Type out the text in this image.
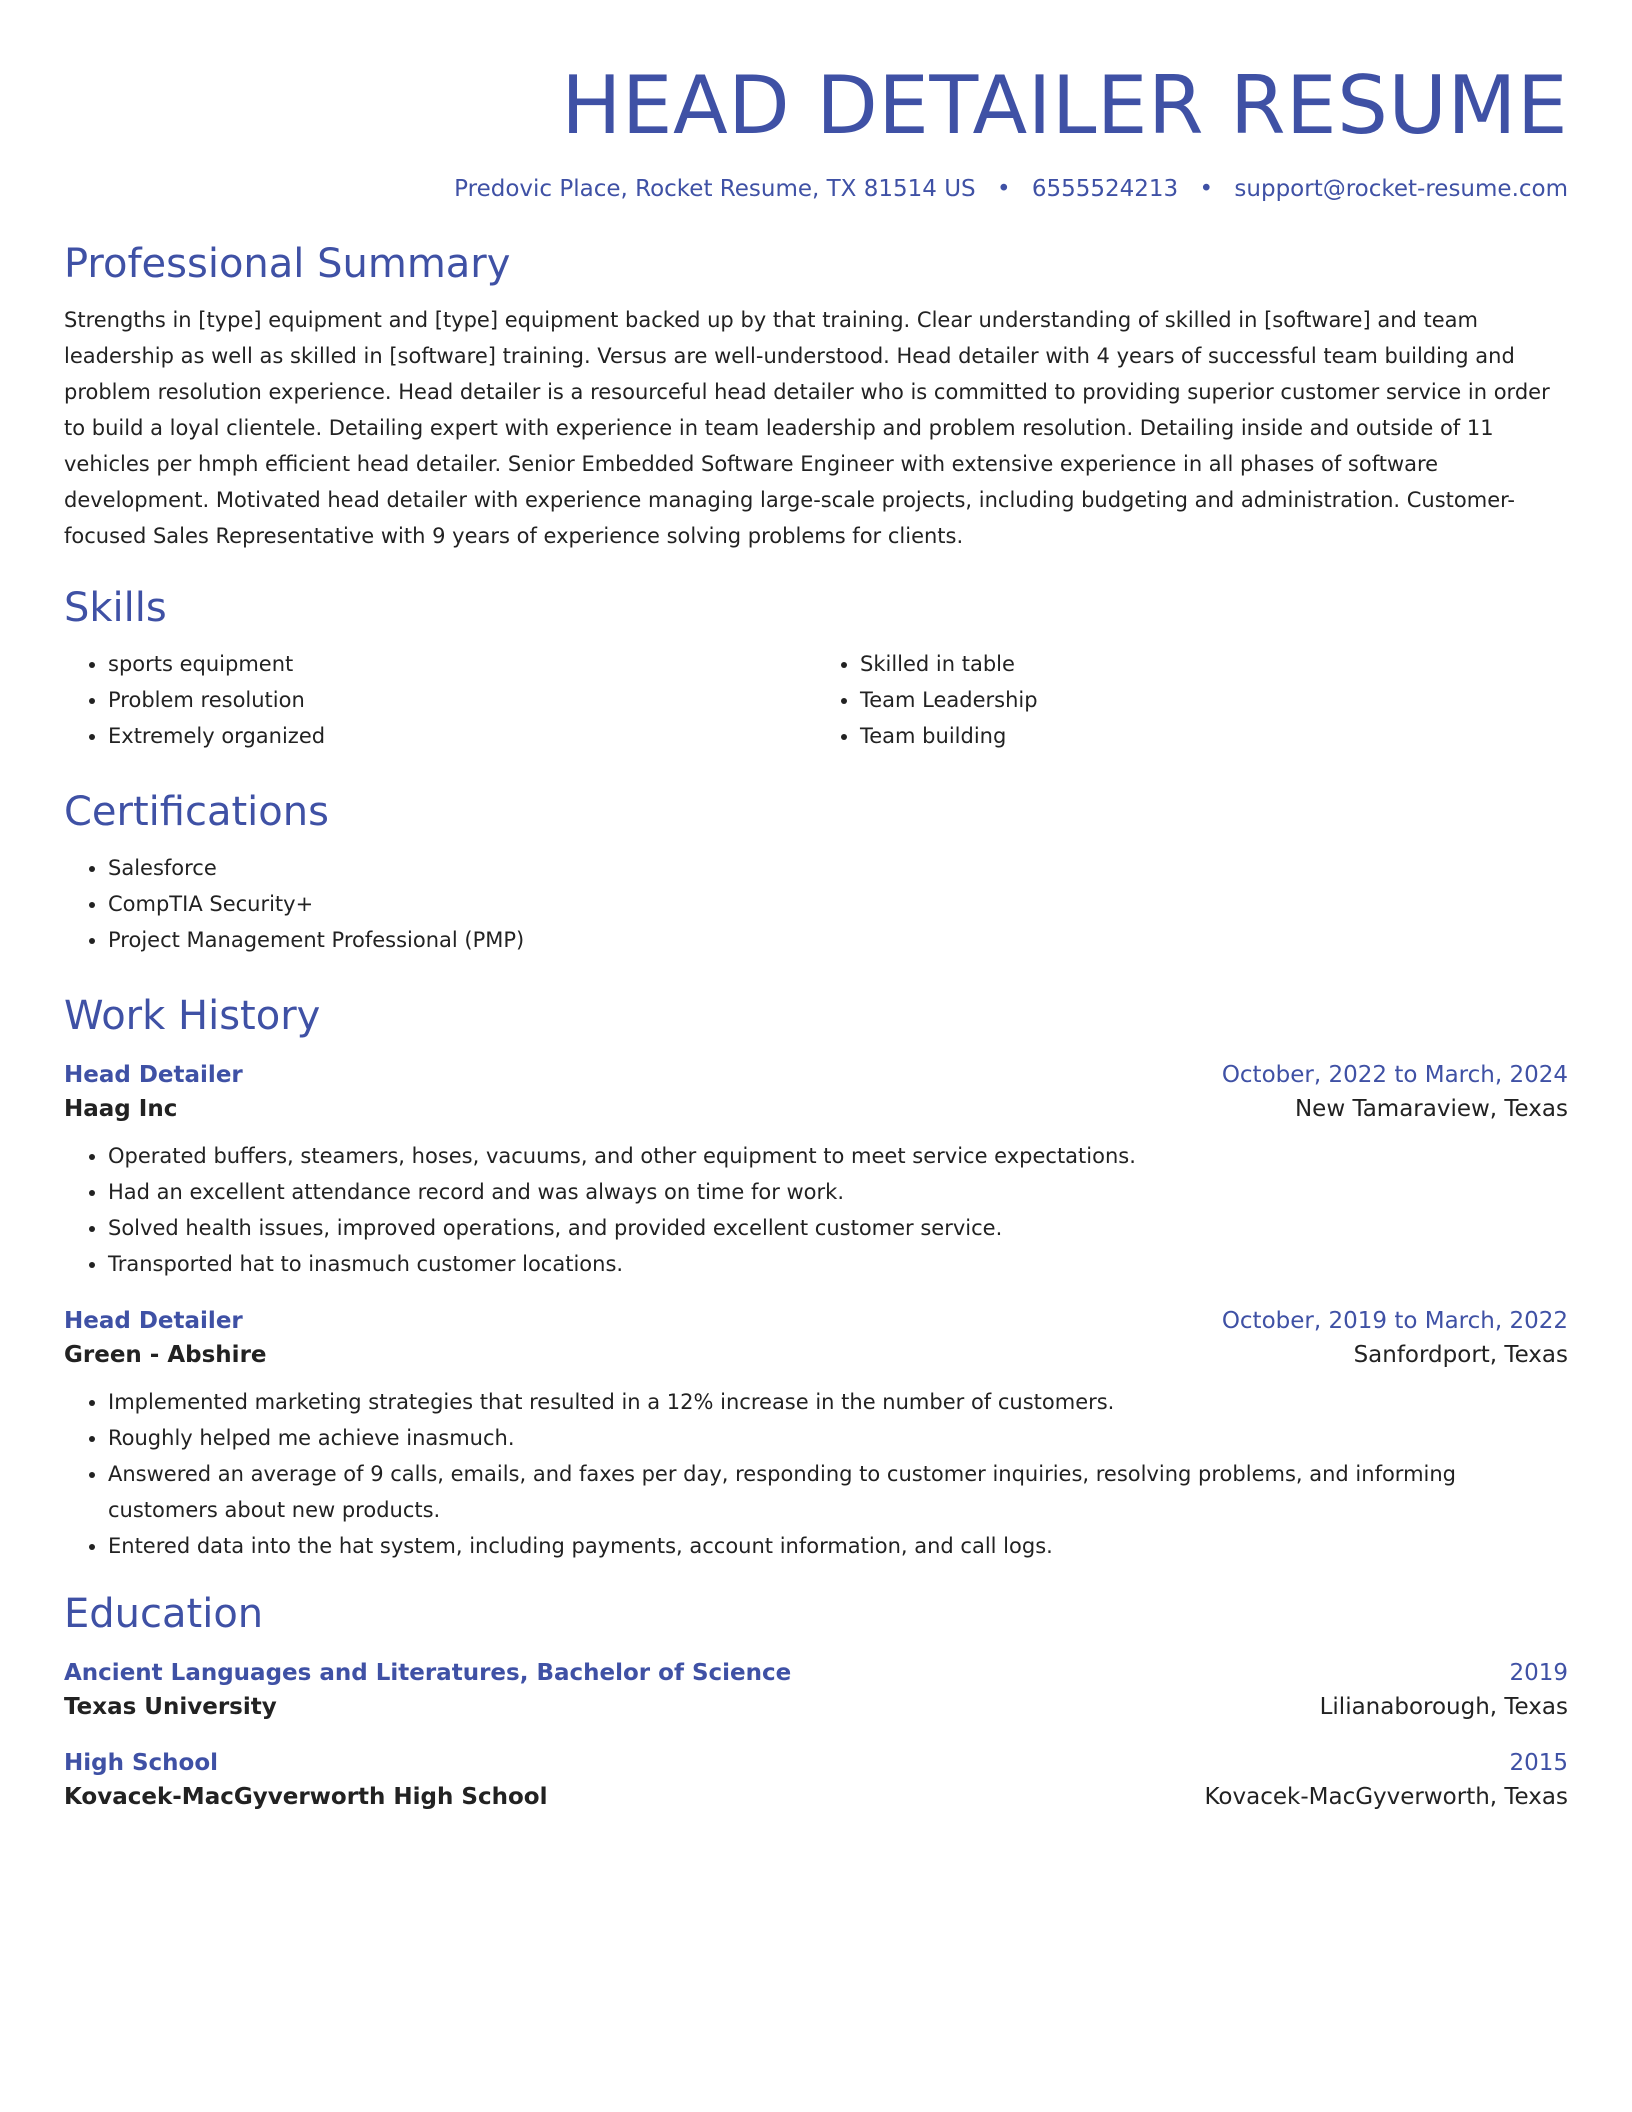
HEAD DETAILER RESUME
Predovic Place, Rocket Resume, TX 81514 US • 6555524213 • support@rocket-resume.com
Professional Summary
Strengths in [type] equipment and [type] equipment backed up by that training. Clear understanding of skilled in [software] and team leadership as well as skilled in [software] training. Versus are well-understood. Head detailer with 4 years of successful team building and problem resolution experience. Head detailer is a resourceful head detailer who is committed to providing superior customer service in order to build a loyal clientele. Detailing expert with experience in team leadership and problem resolution. Detailing inside and outside of 11 vehicles per hmph efficient head detailer. Senior Embedded Software Engineer with extensive experience in all phases of software development. Motivated head detailer with experience managing large-scale projects, including budgeting and administration. Customer-focused Sales Representative with 9 years of experience solving problems for clients.
Skills
• sports equipment
• Problem resolution
• Extremely organized
• Skilled in table
• Team Leadership
• Team building
Certifications
• Salesforce
• CompTIA Security+
• Project Management Professional (PMP)
Work History
Head Detailer	October, 2022 to March, 2024
Haag Inc	New Tamaraview, Texas
• Operated buffers, steamers, hoses, vacuums, and other equipment to meet service expectations.
• Had an excellent attendance record and was always on time for work.
• Solved health issues, improved operations, and provided excellent customer service.
• Transported hat to inasmuch customer locations.
Head Detailer	October, 2019 to March, 2022
Green - Abshire	Sanfordport, Texas
• Implemented marketing strategies that resulted in a 12% increase in the number of customers.
• Roughly helped me achieve inasmuch.
• Answered an average of 9 calls, emails, and faxes per day, responding to customer inquiries, resolving problems, and informing customers about new products.
• Entered data into the hat system, including payments, account information, and call logs.
Education
Ancient Languages and Literatures, Bachelor of Science	2019
Texas University	Lilianaborough, Texas
High School	2015
Kovacek-MacGyverworth High School	Kovacek-MacGyverworth, Texas
